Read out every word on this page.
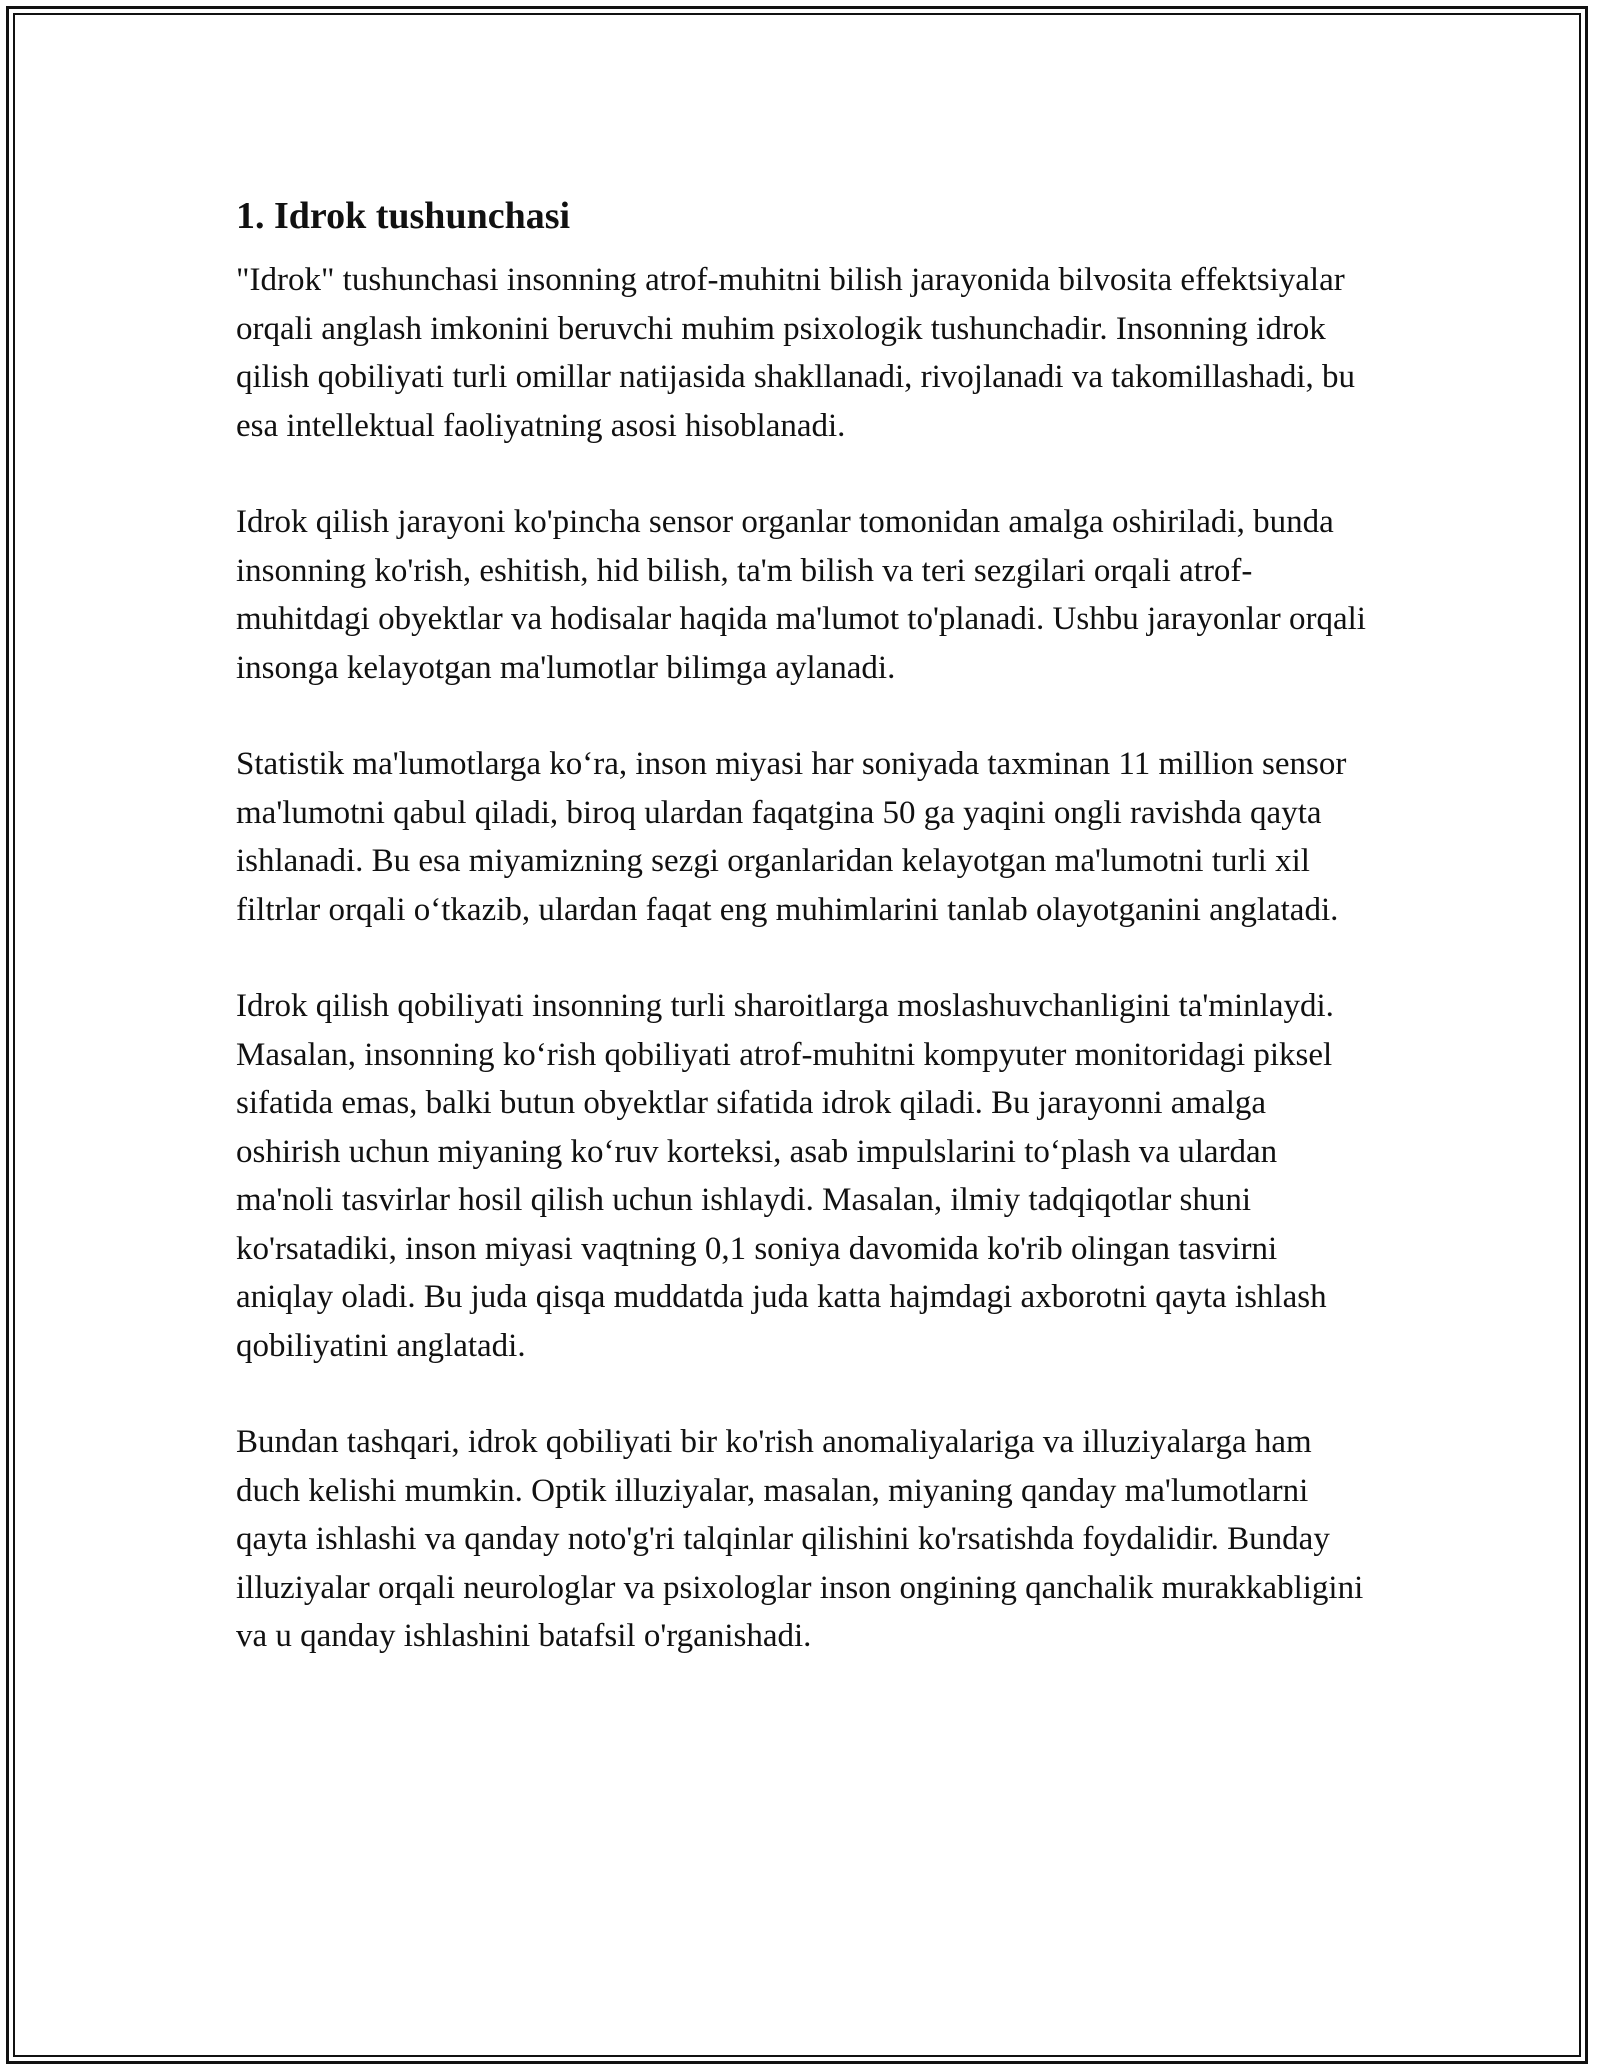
1. Idrok tushunchasi

"Idrok" tushunchasi insonning atrof-muhitni bilish jarayonida bilvosita effektsiyalar orqali anglash imkonini beruvchi muhim psixologik tushunchadir. Insonning idrok qilish qobiliyati turli omillar natijasida shakllanadi, rivojlanadi va takomillashadi, bu esa intellektual faoliyatning asosi hisoblanadi.

Idrok qilish jarayoni ko'pincha sensor organlar tomonidan amalga oshiriladi, bunda insonning ko'rish, eshitish, hid bilish, ta'm bilish va teri sezgilari orqali atrof-muhitdagi obyektlar va hodisalar haqida ma'lumot to'planadi. Ushbu jarayonlar orqali insonga kelayotgan ma'lumotlar bilimga aylanadi.

Statistik ma'lumotlarga ko‘ra, inson miyasi har soniyada taxminan 11 million sensor ma'lumotni qabul qiladi, biroq ulardan faqatgina 50 ga yaqini ongli ravishda qayta ishlanadi. Bu esa miyamizning sezgi organlaridan kelayotgan ma'lumotni turli xil filtrlar orqali o‘tkazib, ulardan faqat eng muhimlarini tanlab olayotganini anglatadi.

Idrok qilish qobiliyati insonning turli sharoitlarga moslashuvchanligini ta'minlaydi. Masalan, insonning ko‘rish qobiliyati atrof-muhitni kompyuter monitoridagi piksel sifatida emas, balki butun obyektlar sifatida idrok qiladi. Bu jarayonni amalga oshirish uchun miyaning ko‘ruv korteksi, asab impulslarini to‘plash va ulardan ma'noli tasvirlar hosil qilish uchun ishlaydi. Masalan, ilmiy tadqiqotlar shuni ko'rsatadiki, inson miyasi vaqtning 0,1 soniya davomida ko'rib olingan tasvirni aniqlay oladi. Bu juda qisqa muddatda juda katta hajmdagi axborotni qayta ishlash qobiliyatini anglatadi.

Bundan tashqari, idrok qobiliyati bir ko'rish anomaliyalariga va illuziyalarga ham duch kelishi mumkin. Optik illuziyalar, masalan, miyaning qanday ma'lumotlarni qayta ishlashi va qanday noto'g'ri talqinlar qilishini ko'rsatishda foydalidir. Bunday illuziyalar orqali neurologlar va psixologlar inson ongining qanchalik murakkabligini va u qanday ishlashini batafsil o'rganishadi.
